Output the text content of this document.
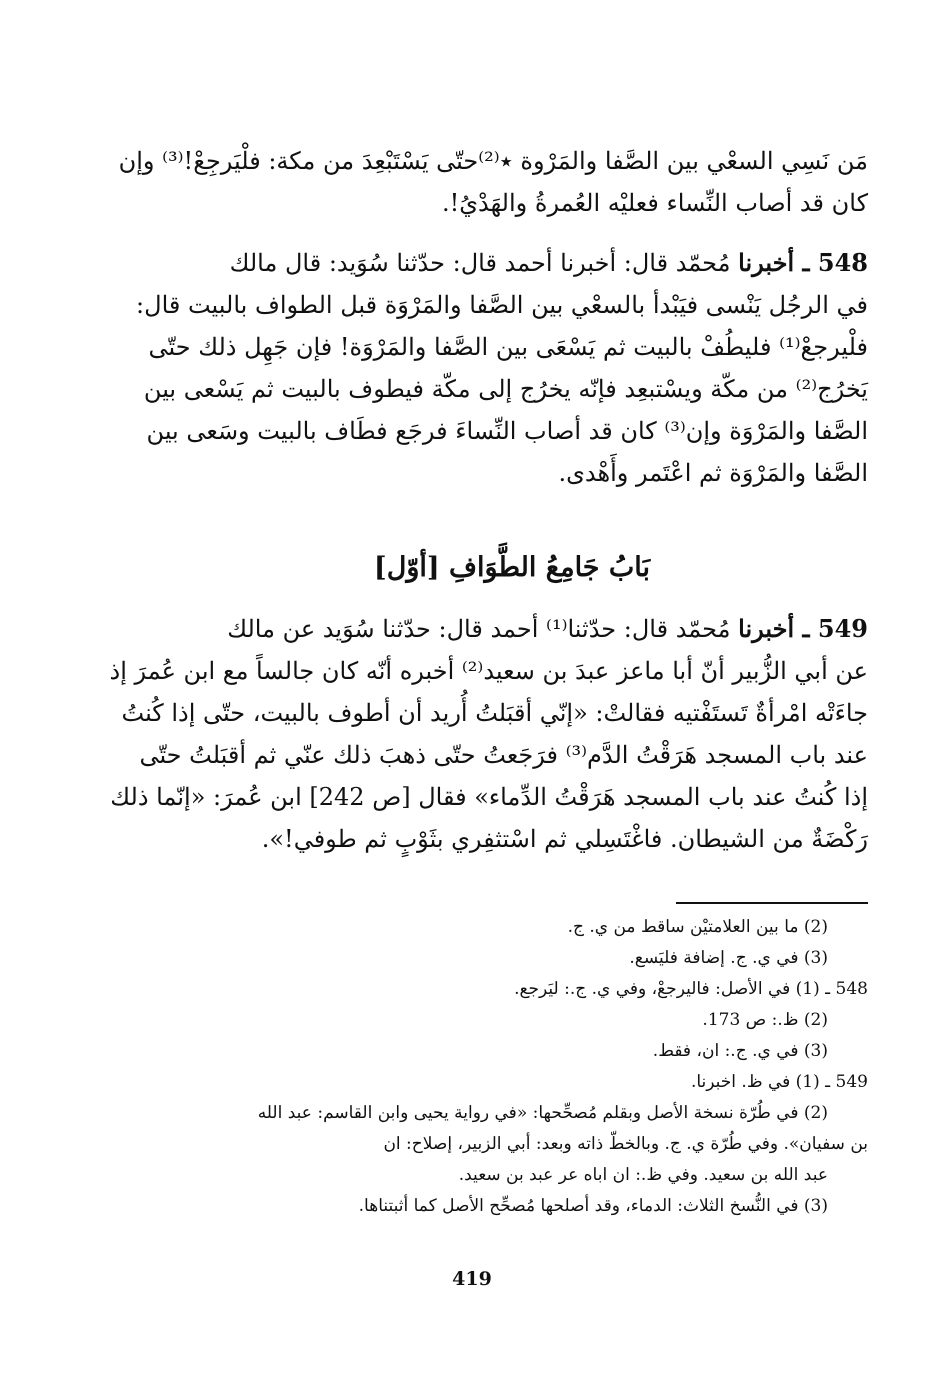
مَن نَسِي السعْي بين الصَّفا والمَرْوة ٭⁽²⁾حتّى يَسْتَبْعِدَ من مكة: فلْيَرجِعْ!⁽³⁾ وإن
كان قد أصاب النِّساء فعليْه العُمرةُ والهَدْيُ!.
548 ـ أخبرنا مُحمّد قال: أخبرنا أحمد قال: حدّثنا سُوَيد: قال مالك
في الرجُل يَنْسى فيَبْدأ بالسعْي بين الصَّفا والمَرْوَة قبل الطواف بالبيت قال:
فلْيرجعْ⁽¹⁾ فليطُفْ بالبيت ثم يَسْعَى بين الصَّفا والمَرْوَة! فإن جَهِل ذلك حتّى
يَخرُج⁽²⁾ من مكّة ويسْتبعِد فإنّه يخرُج إلى مكّة فيطوف بالبيت ثم يَسْعى بين
الصَّفا والمَرْوَة وإن⁽³⁾ كان قد أصاب النِّساءَ فرجَع فطَاف بالبيت وسَعى بين
الصَّفا والمَرْوَة ثم اعْتَمر وأَهْدى.
بَابُ جَامِعُ الطَّوَافِ [أوّل]
549 ـ أخبرنا مُحمّد قال: حدّثنا⁽¹⁾ أحمد قال: حدّثنا سُوَيد عن مالك
عن أبي الزُّبير أنّ أبا ماعز عبدَ بن سعيد⁽²⁾ أخبره أنّه كان جالساً مع ابن عُمرَ إذ
جاءَتْه امْرأةٌ تَستَفْتيه فقالتْ: «إنّي أقبَلتُ أُريد أن أطوف بالبيت، حتّى إذا كُنتُ
عند باب المسجد هَرَقْتُ الدَّم⁽³⁾ فرَجَعتُ حتّى ذهبَ ذلك عنّي ثم أقبَلتُ حتّى
إذا كُنتُ عند باب المسجد هَرَقْتُ الدِّماء» فقال [ص 242] ابن عُمرَ: «إنّما ذلك
رَكْضَةٌ من الشيطان. فاغْتَسِلي ثم اسْتثفِري بثَوْبٍ ثم طوفي!».
(2) ما بين العلامتيْن ساقط من ي. ج.
(3) في ي. ج. إضافة فليَسع.
548 ـ (1) في الأصل: فاليرجعْ، وفي ي. ج.: ليَرجع.
(2) ظ.: ص 173.
(3) في ي. ج.: ان، فقط.
549 ـ (1) في ظ. اخبرنا.
(2) في طُرّة نسخة الأصل وبقلم مُصحِّحها: «في رواية يحيى وابن القاسم: عبد الله
بن سفيان». وفي طُرّة ي. ج. وبالخطّ ذاته وبعد: أبي الزبير، إصلاح: ان
عبد الله بن سعيد. وفي ظ.: ان اباه عر عبد بن سعيد.
(3) في النُّسخ الثلاث: الدماء، وقد أصلحها مُصحِّح الأصل كما أثبتناها.
419
